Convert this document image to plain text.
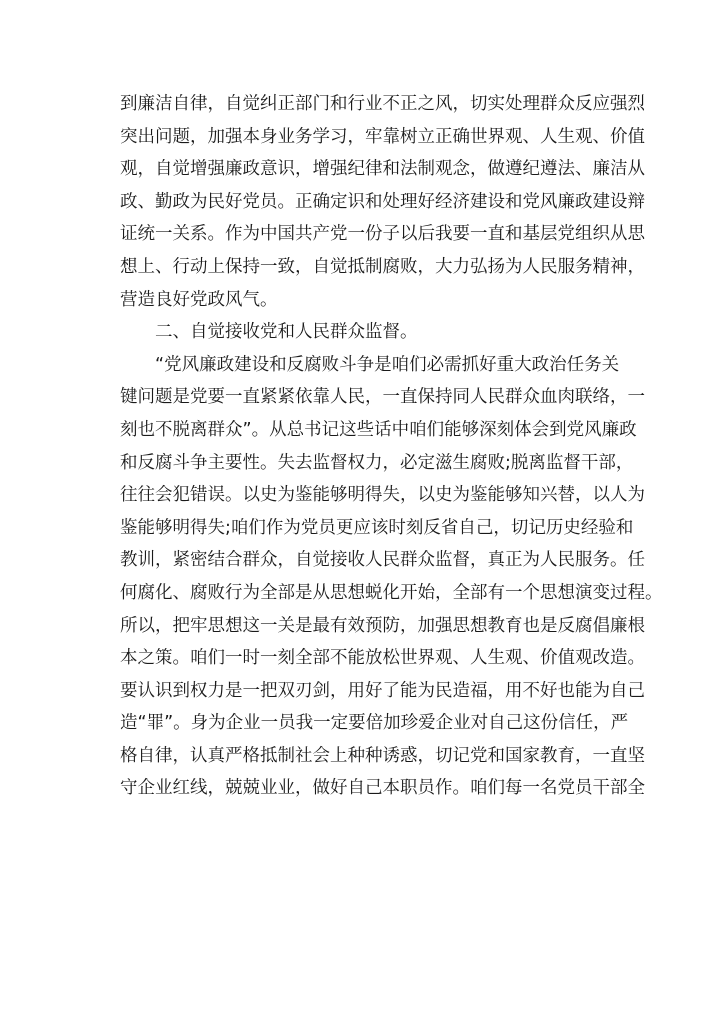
到廉洁自律，自觉纠正部门和行业不正之风，切实处理群众反应强烈
突出问题，加强本身业务学习，牢靠树立正确世界观、人生观、价值
观，自觉增强廉政意识，增强纪律和法制观念，做遵纪遵法、廉洁从
政、勤政为民好党员。正确定识和处理好经济建设和党风廉政建设辩
证统一关系。作为中国共产党一份子以后我要一直和基层党组织从思
想上、行动上保持一致，自觉抵制腐败，大力弘扬为人民服务精神，
营造良好党政风气。
二、自觉接收党和人民群众监督。
“党风廉政建设和反腐败斗争是咱们必需抓好重大政治任务关
键问题是党要一直紧紧依靠人民，一直保持同人民群众血肉联络，一
刻也不脱离群众”。从总书记这些话中咱们能够深刻体会到党风廉政
和反腐斗争主要性。失去监督权力，必定滋生腐败;脱离监督干部，
往往会犯错误。以史为鉴能够明得失，以史为鉴能够知兴替，以人为
鉴能够明得失;咱们作为党员更应该时刻反省自己，切记历史经验和
教训，紧密结合群众，自觉接收人民群众监督，真正为人民服务。任
何腐化、腐败行为全部是从思想蜕化开始，全部有一个思想演变过程。
所以，把牢思想这一关是最有效预防，加强思想教育也是反腐倡廉根
本之策。咱们一时一刻全部不能放松世界观、人生观、价值观改造。
要认识到权力是一把双刃剑，用好了能为民造福，用不好也能为自己
造“罪”。身为企业一员我一定要倍加珍爱企业对自己这份信任，严
格自律，认真严格抵制社会上种种诱惑，切记党和国家教育，一直坚
守企业红线，兢兢业业，做好自己本职员作。咱们每一名党员干部全
